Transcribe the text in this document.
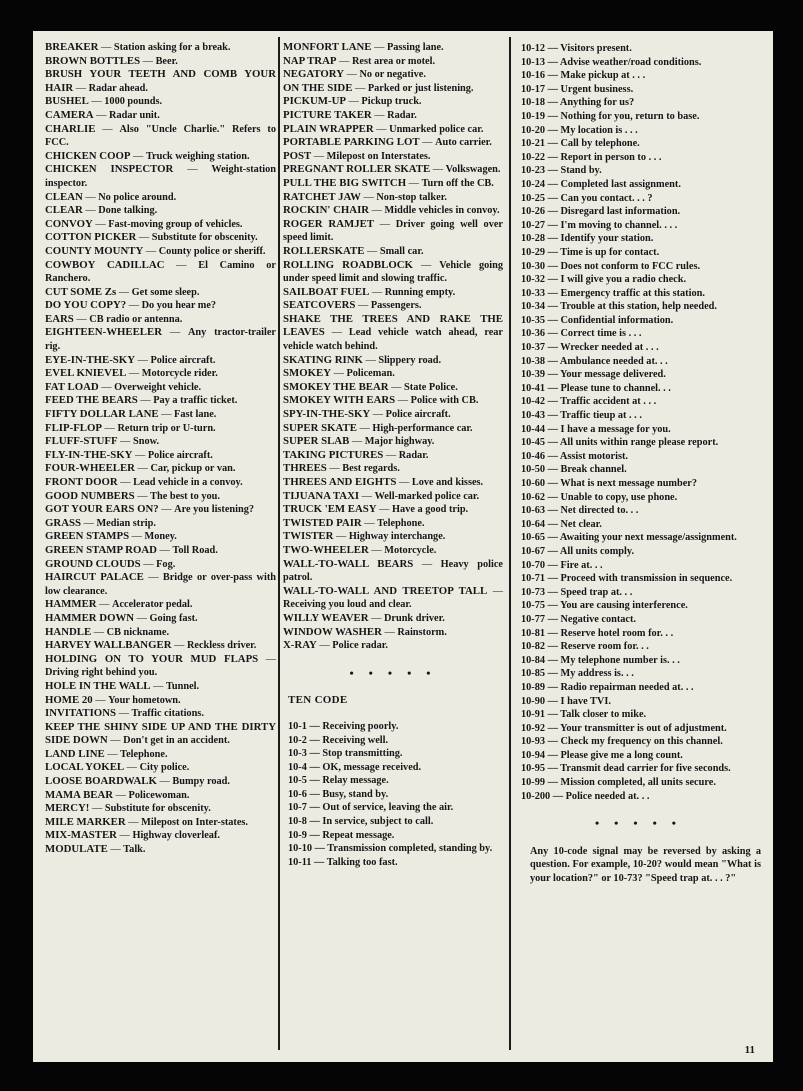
BREAKER — Station asking for a break.

BROWN BOTTLES — Beer.

BRUSH YOUR TEETH AND COMB YOUR HAIR — Radar ahead.

BUSHEL — 1000 pounds.

CAMERA — Radar unit.

CHARLIE — Also "Uncle Charlie." Refers to FCC.

CHICKEN COOP — Truck weighing station.

CHICKEN INSPECTOR — Weight-station inspector.

CLEAN — No police around.

CLEAR — Done talking.

CONVOY — Fast-moving group of vehicles.

COTTON PICKER — Substitute for obscenity.

COUNTY MOUNTY — County police or sheriff.

COWBOY CADILLAC — El Camino or Ranchero.

CUT SOME Zs — Get some sleep.

DO YOU COPY? — Do you hear me?

EARS — CB radio or antenna.

EIGHTEEN-WHEELER — Any tractor-trailer rig.

EYE-IN-THE-SKY — Police aircraft.

EVEL KNIEVEL — Motorcycle rider.

FAT LOAD — Overweight vehicle.

FEED THE BEARS — Pay a traffic ticket.

FIFTY DOLLAR LANE — Fast lane.

FLIP-FLOP — Return trip or U-turn.

FLUFF-STUFF — Snow.

FLY-IN-THE-SKY — Police aircraft.

FOUR-WHEELER — Car, pickup or van.

FRONT DOOR — Lead vehicle in a convoy.

GOOD NUMBERS — The best to you.

GOT YOUR EARS ON? — Are you listening?

GRASS — Median strip.

GREEN STAMPS — Money.

GREEN STAMP ROAD — Toll Road.

GROUND CLOUDS — Fog.

HAIRCUT PALACE — Bridge or over-pass with low clearance.

HAMMER — Accelerator pedal.

HAMMER DOWN — Going fast.

HANDLE — CB nickname.

HARVEY WALLBANGER — Reckless driver.

HOLDING ON TO YOUR MUD FLAPS — Driving right behind you.

HOLE IN THE WALL — Tunnel.

HOME 20 — Your hometown.

INVITATIONS — Traffic citations.

KEEP THE SHINY SIDE UP AND THE DIRTY SIDE DOWN — Don't get in an accident.

LAND LINE — Telephone.

LOCAL YOKEL — City police.

LOOSE BOARDWALK — Bumpy road.

MAMA BEAR — Policewoman.

MERCY! — Substitute for obscenity.

MILE MARKER — Milepost on Inter-states.

MIX-MASTER — Highway cloverleaf.

MODULATE — Talk.

MONFORT LANE — Passing lane.

NAP TRAP — Rest area or motel.

NEGATORY — No or negative.

ON THE SIDE — Parked or just listening.

PICKUM-UP — Pickup truck.

PICTURE TAKER — Radar.

PLAIN WRAPPER — Unmarked police car.

PORTABLE PARKING LOT — Auto carrier.

POST — Milepost on Interstates.

PREGNANT ROLLER SKATE — Volkswagen.

PULL THE BIG SWITCH — Turn off the CB.

RATCHET JAW — Non-stop talker.

ROCKIN' CHAIR — Middle vehicles in convoy.

ROGER RAMJET — Driver going well over speed limit.

ROLLERSKATE — Small car.

ROLLING ROADBLOCK — Vehicle going under speed limit and slowing traffic.

SAILBOAT FUEL — Running empty.

SEATCOVERS — Passengers.

SHAKE THE TREES AND RAKE THE LEAVES — Lead vehicle watch ahead, rear vehicle watch behind.

SKATING RINK — Slippery road.

SMOKEY — Policeman.

SMOKEY THE BEAR — State Police.

SMOKEY WITH EARS — Police with CB.

SPY-IN-THE-SKY — Police aircraft.

SUPER SKATE — High-performance car.

SUPER SLAB — Major highway.

TAKING PICTURES — Radar.

THREES — Best regards.

THREES AND EIGHTS — Love and kisses.

TIJUANA TAXI — Well-marked police car.

TRUCK 'EM EASY — Have a good trip.

TWISTED PAIR — Telephone.

TWISTER — Highway interchange.

TWO-WHEELER — Motorcycle.

WALL-TO-WALL BEARS — Heavy police patrol.

WALL-TO-WALL AND TREETOP TALL — Receiving you loud and clear.

WILLY WEAVER — Drunk driver.

WINDOW WASHER — Rainstorm.

X-RAY — Police radar.

• • • • •
TEN CODE

10-1 — Receiving poorly.

10-2 — Receiving well.

10-3 — Stop transmitting.

10-4 — OK, message received.

10-5 — Relay message.

10-6 — Busy, stand by.

10-7 — Out of service, leaving the air.

10-8 — In service, subject to call.

10-9 — Repeat message.

10-10 — Transmission completed, standing by.

10-11 — Talking too fast.

10-12 — Visitors present.

10-13 — Advise weather/road conditions.

10-16 — Make pickup at . . .

10-17 — Urgent business.

10-18 — Anything for us?

10-19 — Nothing for you, return to base.

10-20 — My location is . . .

10-21 — Call by telephone.

10-22 — Report in person to . . .

10-23 — Stand by.

10-24 — Completed last assignment.

10-25 — Can you contact. . . ?

10-26 — Disregard last information.

10-27 — I'm moving to channel. . . .

10-28 — Identify your station.

10-29 — Time is up for contact.

10-30 — Does not conform to FCC rules.

10-32 — I will give you a radio check.

10-33 — Emergency traffic at this station.

10-34 — Trouble at this station, help needed.

10-35 — Confidential information.

10-36 — Correct time is . . .

10-37 — Wrecker needed at . . .

10-38 — Ambulance needed at. . .

10-39 — Your message delivered.

10-41 — Please tune to channel. . .

10-42 — Traffic accident at . . .

10-43 — Traffic tieup at . . .

10-44 — I have a message for you.

10-45 — All units within range please report.

10-46 — Assist motorist.

10-50 — Break channel.

10-60 — What is next message number?

10-62 — Unable to copy, use phone.

10-63 — Net directed to. . .

10-64 — Net clear.

10-65 — Awaiting your next message/assignment.

10-67 — All units comply.

10-70 — Fire at. . .

10-71 — Proceed with transmission in sequence.

10-73 — Speed trap at. . .

10-75 — You are causing interference.

10-77 — Negative contact.

10-81 — Reserve hotel room for. . .

10-82 — Reserve room for. . .

10-84 — My telephone number is. . .

10-85 — My address is. . .

10-89 — Radio repairman needed at. . .

10-90 — I have TVI.

10-91 — Talk closer to mike.

10-92 — Your transmitter is out of adjustment.

10-93 — Check my frequency on this channel.

10-94 — Please give me a long count.

10-95 — Transmit dead carrier for five seconds.

10-99 — Mission completed, all units secure.

10-200 — Police needed at. . .

• • • • •
Any 10-code signal may be reversed by asking a question. For example, 10-20? would mean "What is your location?" or 10-73? "Speed trap at. . . ?"
11
